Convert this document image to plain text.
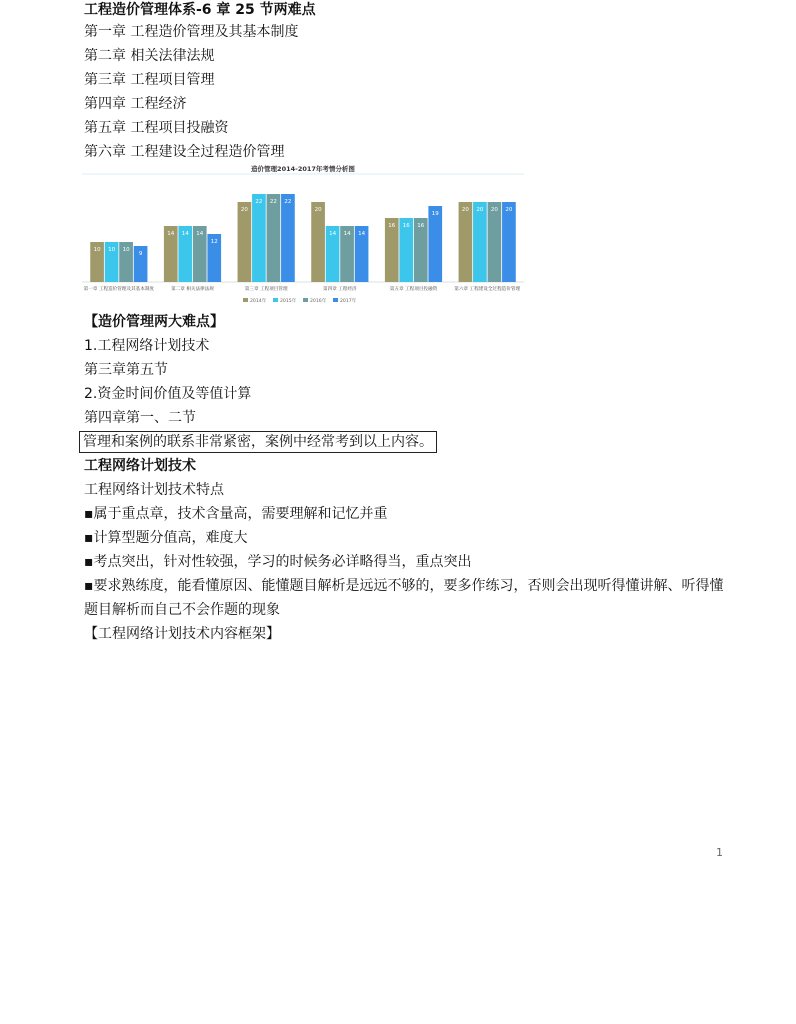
工程造价管理体系-6 章 25 节两难点
第一章 工程造价管理及其基本制度
第二章 相关法律法规
第三章 工程项目管理
第四章 工程经济
第五章 工程项目投融资
第六章 工程建设全过程造价管理
造价管理2014-2017年考情分析图
10 10 10
9
第一章 工程造价管理及其基本制度
14 14 14
12
第二章 相关法律法规
20
22 22 22
第三章 工程项目管理
20
14 14 14
第四章 工程经济
16 16 16
19
第五章 工程项目投融资
20 20 20 20
第六章 工程建设全过程造价管理
2014年	2015年	2016年	2017年
【造价管理两大难点】
1.工程网络计划技术
第三章第五节
2.资金时间价值及等值计算
第四章第一、二节
管理和案例的联系非常紧密，案例中经常考到以上内容。
工程网络计划技术
工程网络计划技术特点
▪属于重点章，技术含量高，需要理解和记忆并重
▪计算型题分值高，难度大
▪考点突出，针对性较强，学习的时候务必详略得当，重点突出
▪要求熟练度，能看懂原因、能懂题目解析是远远不够的，要多作练习，否则会出现听得懂讲解、听得懂题目解析而自己不会作题的现象
【工程网络计划技术内容框架】
1
